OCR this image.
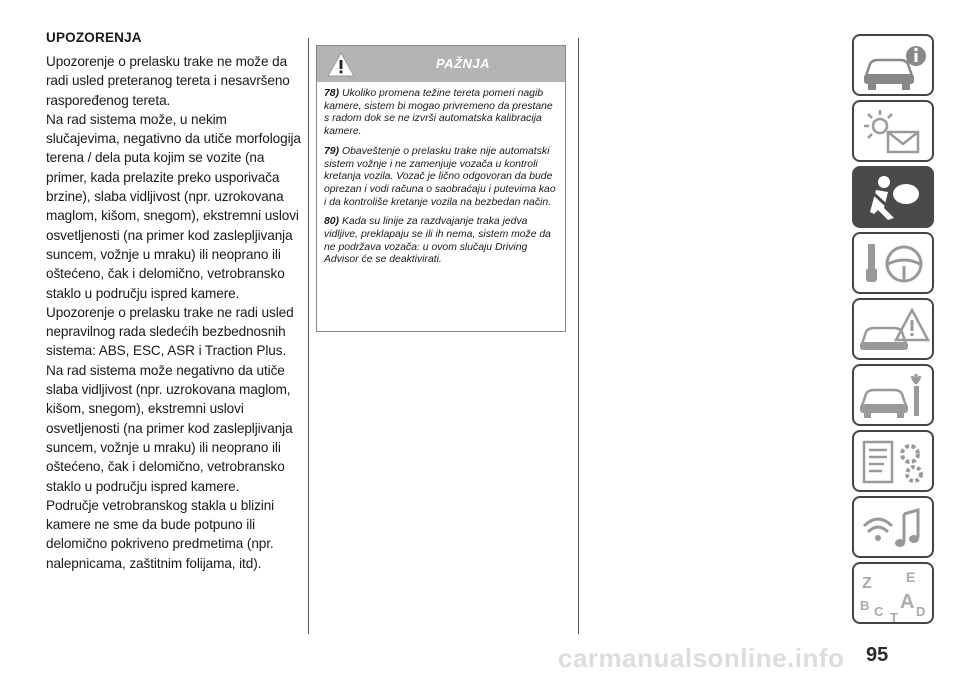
UPOZORENJA

Upozorenje o prelasku trake ne može da radi usled preteranog tereta i nesavršeno raspoređenog tereta.

Na rad sistema može, u nekim slučajevima, negativno da utiče morfologija terena / dela puta kojim se vozite (na primer, kada prelazite preko usporivača brzine), slaba vidljivost (npr. uzrokovana maglom, kišom, snegom), ekstremni uslovi osvetljenosti (na primer kod zaslepljivanja suncem, vožnje u mraku) ili neoprano ili oštećeno, čak i delomično, vetrobransko staklo u području ispred kamere.

Upozorenje o prelasku trake ne radi usled nepravilnog rada sledećih bezbednosnih sistema: ABS, ESC, ASR i Traction Plus.

Na rad sistema može negativno da utiče slaba vidljivost (npr. uzrokovana maglom, kišom, snegom), ekstremni uslovi osvetljenosti (na primer kod zaslepljivanja suncem, vožnje u mraku) ili neoprano ili oštećeno, čak i delomično, vetrobransko staklo u području ispred kamere.

Područje vetrobranskog stakla u blizini kamere ne sme da bude potpuno ili delomično pokriveno predmetima (npr. nalepnicama, zaštitnim folijama, itd).

PAŽNJA

78) Ukoliko promena težine tereta pomeri nagib kamere, sistem bi mogao privremeno da prestane s radom dok se ne izvrši automatska kalibracija kamere.

79) Obaveštenje o prelasku trake nije automatski sistem vožnje i ne zamenjuje vozača u kontroli kretanja vozila. Vozač je lično odgovoran da bude oprezan i vodi računa o saobraćaju i putevima kao i da kontroliše kretanje vozila na bezbedan način.

80) Kada su linije za razdvajanje traka jedva vidljive, preklapaju se ili ih nema, sistem može da ne podržava vozača: u ovom slučaju Driving Advisor će se deaktivirati.

Z E
B A
C	D
T
carmanualsonline.info 95
